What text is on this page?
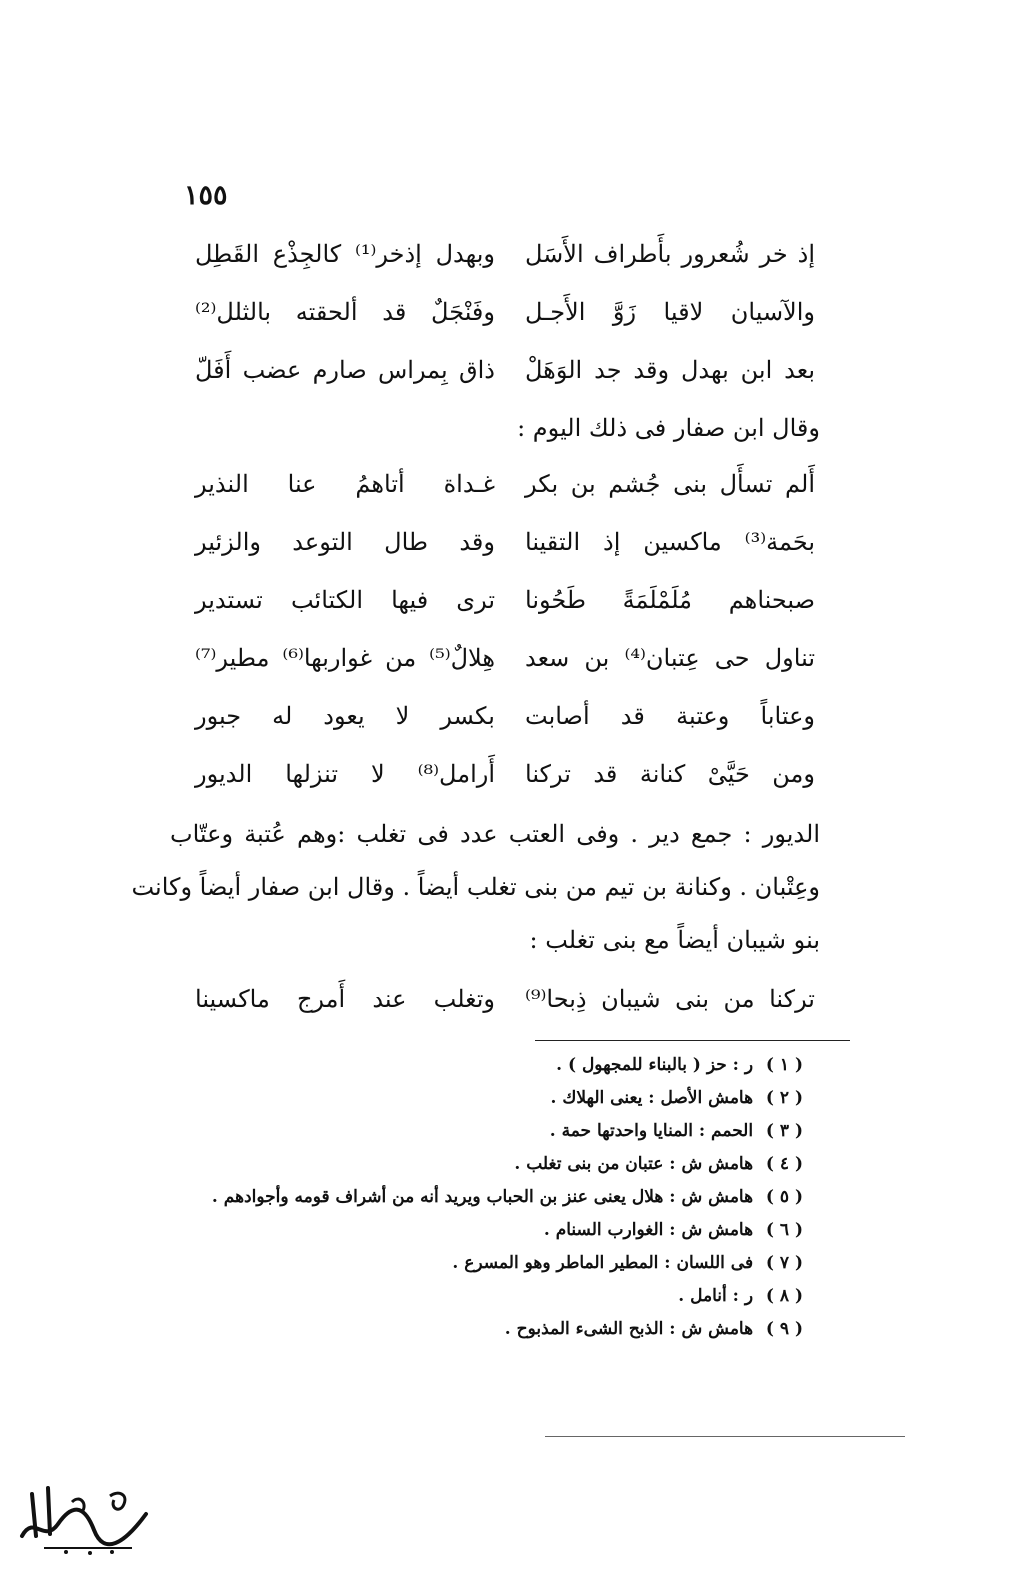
١٥٥
إذ خر شُعرور بأَطراف الأَسَل
وبهدل إذخر⁽¹⁾ كالجِذْع القَطِل
والآسيان لاقيا زَوَّ الأَجـل
وفَنْجَلٌ قد ألحقته بالثلل⁽²⁾
بعد ابن بهدل وقد جد الوَهَلْ
ذاق بِمراس صارم عضب أَفَلّ
وقال ابن صفار فى ذلك اليوم :
أَلم تسأَل بنى جُشم بن بكر
غـداة أتاهمُ عنا النذير
بحَمة⁽³⁾ ماكسين إذ التقينا
وقد طال التوعد والزئير
صبحناهم مُلَمْلَمَةً طَحُونا
ترى فيها الكتائب تستدير
تناول حى عِتبان⁽⁴⁾ بن سعد
هِلالٌ⁽⁵⁾ من غواربها⁽⁶⁾ مطير⁽⁷⁾
وعتاباً وعتبة قد أصابت
بكسر لا يعود له جبور
ومن حَيَّىْ كنانة قد تركنا
أَرامل⁽⁸⁾ لا تنزلها الديور
الديور : جمع دير . وفى العتب عدد فى تغلب :وهم عُتبة وعتّاب
وعِتْبان . وكنانة بن تيم من بنى تغلب أيضاً . وقال ابن صفار أيضاً وكانت
بنو شيبان أيضاً مع بنى تغلب :
تركنا من بنى شيبان ذِبحا⁽⁹⁾
وتغلب عند أَمرج ماكسينا
( ١ ) ر : حز ( بالبناء للمجهول ) .
( ٢ ) هامش الأصل : يعنى الهلاك .
( ٣ ) الحمم : المنايا واحدتها حمة .
( ٤ ) هامش ش : عتبان من بنى تغلب .
( ٥ ) هامش ش : هلال يعنى عنز بن الحباب ويريد أنه من أشراف قومه وأجوادهم .
( ٦ ) هامش ش : الغوارب السنام .
( ٧ ) فى اللسان : المطير الماطر وهو المسرع .
( ٨ ) ر : أنامل .
( ٩ ) هامش ش : الذبح الشىء المذبوح .
